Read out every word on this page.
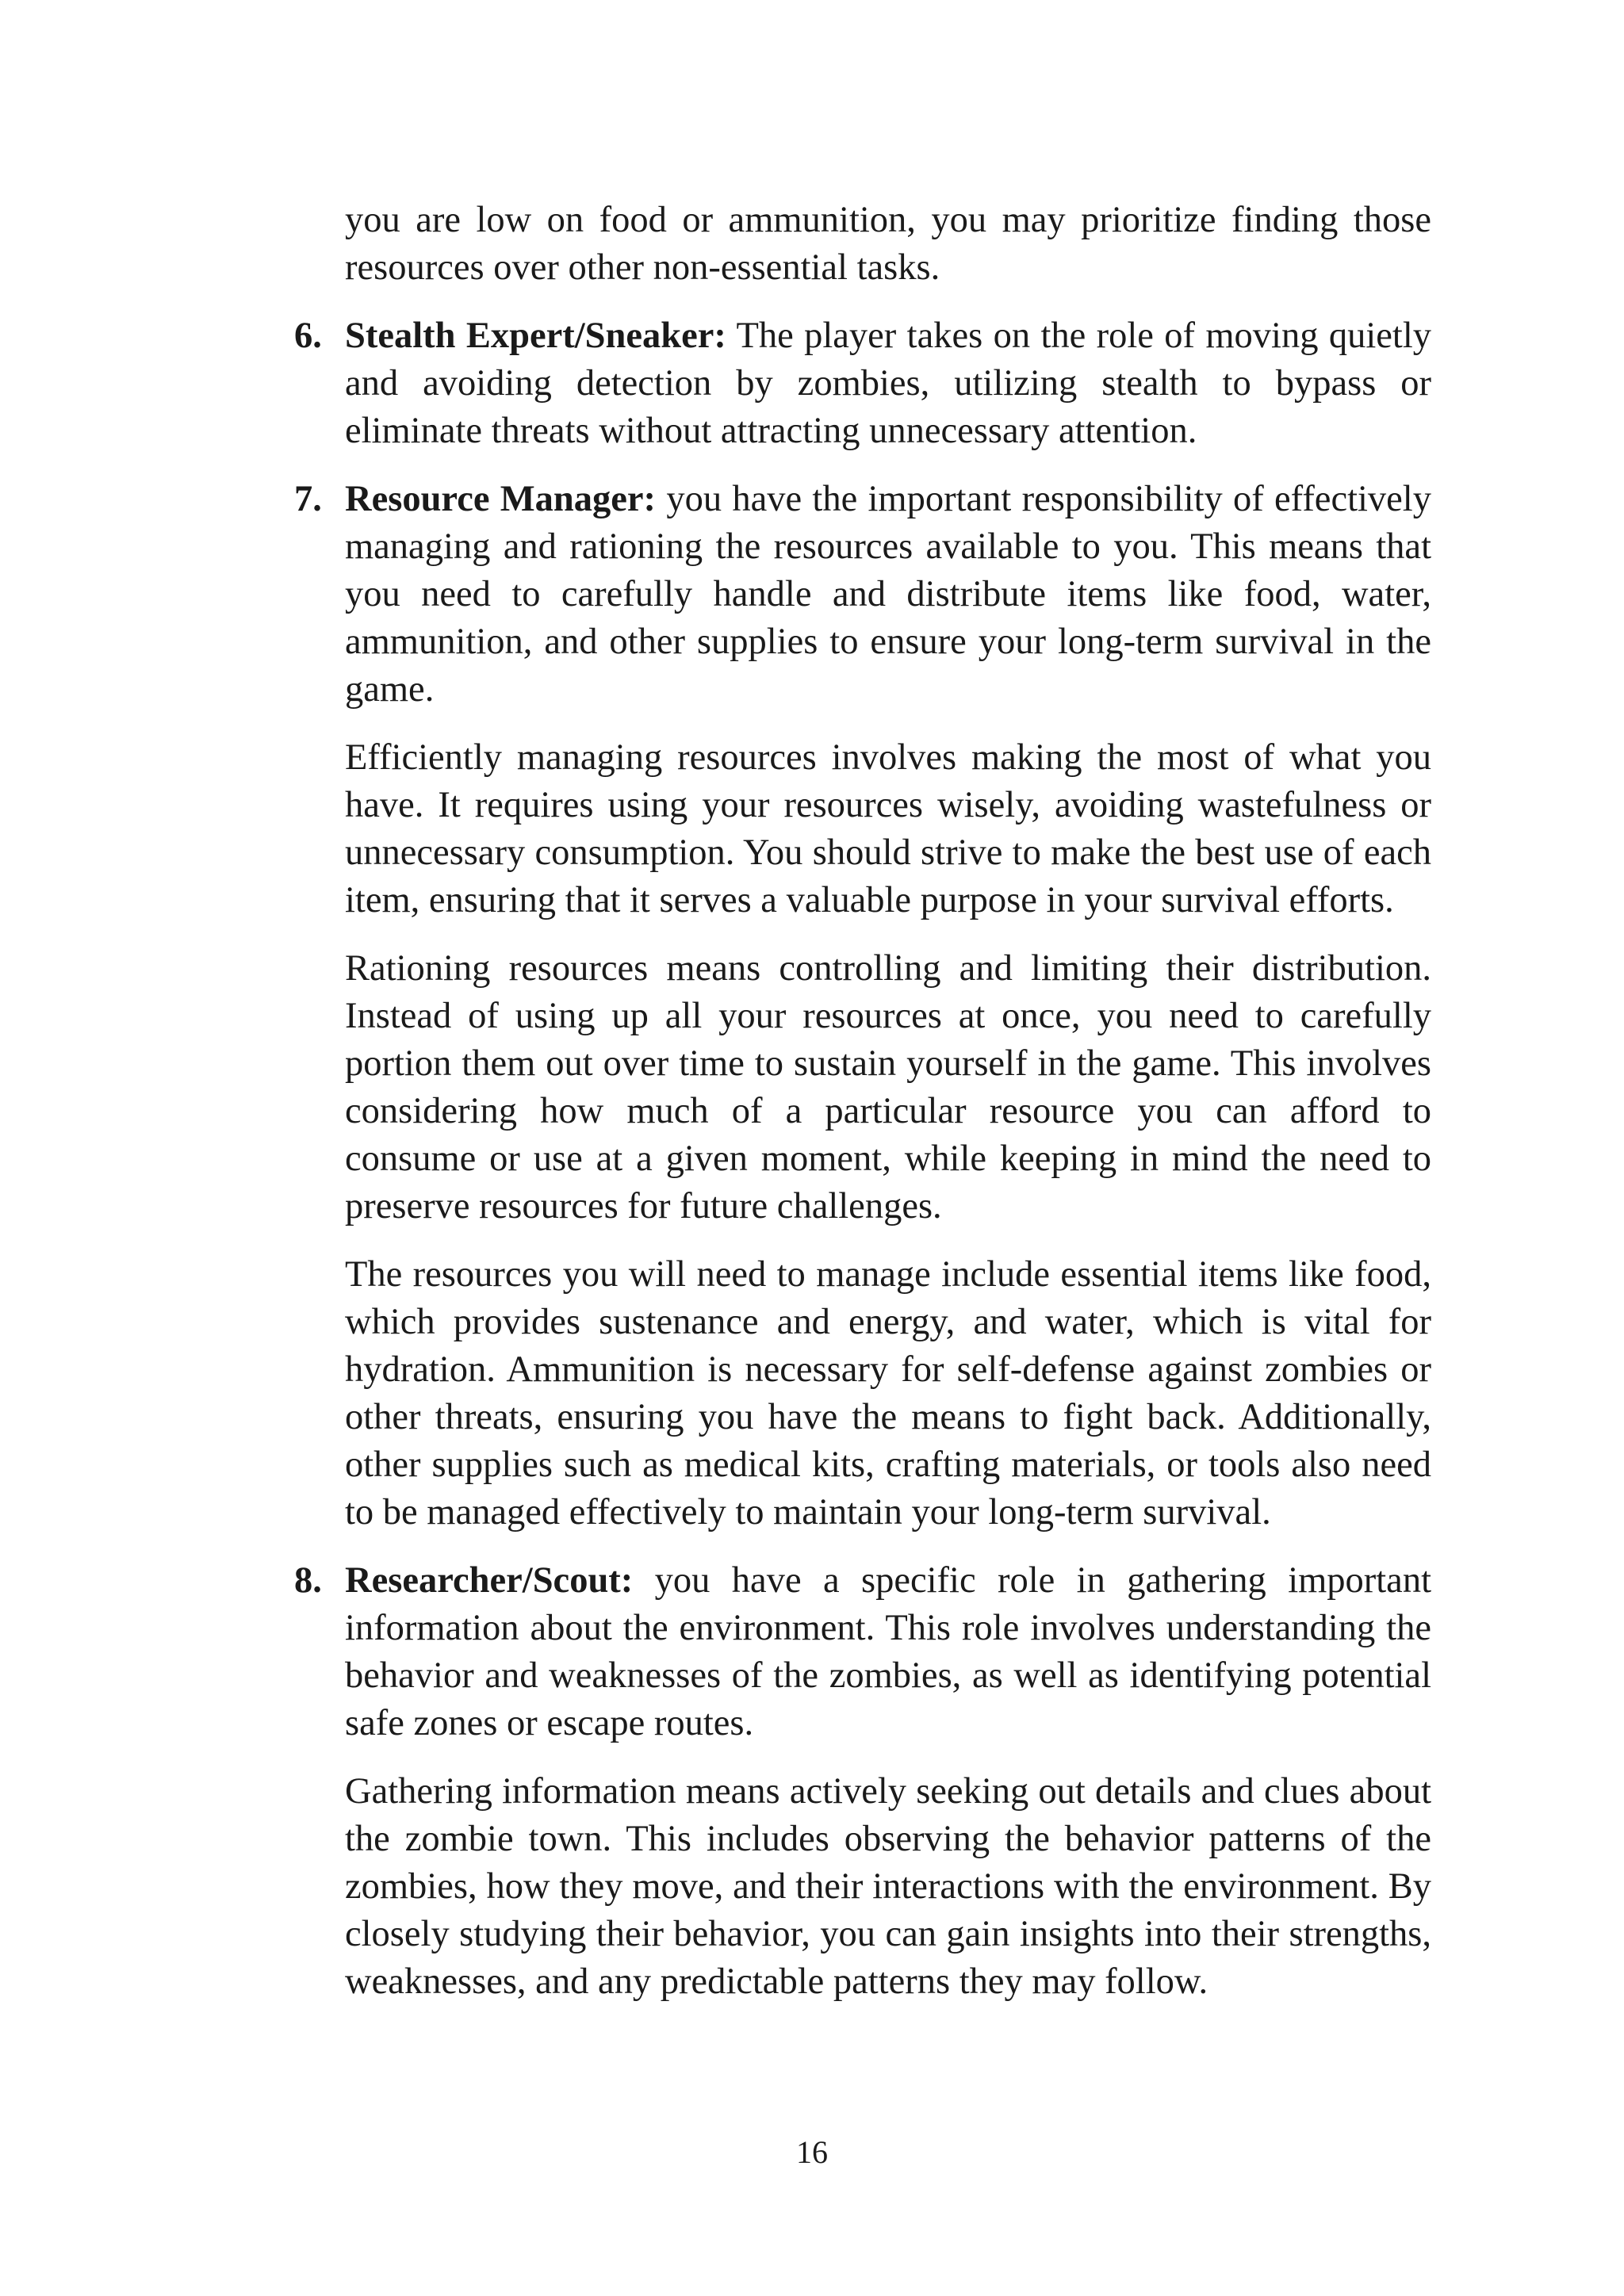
you are low on food or ammunition, you may prioritize finding those resources over other non-essential tasks.

6. Stealth Expert/Sneaker: The player takes on the role of moving quietly and avoiding detection by zombies, utilizing stealth to bypass or eliminate threats without attracting unnecessary attention.

7. Resource Manager: you have the important responsibility of effectively managing and rationing the resources available to you. This means that you need to carefully handle and distribute items like food, water, ammunition, and other supplies to ensure your long-term survival in the game.

Efficiently managing resources involves making the most of what you have. It requires using your resources wisely, avoiding wastefulness or unnecessary consumption. You should strive to make the best use of each item, ensuring that it serves a valuable purpose in your survival efforts.

Rationing resources means controlling and limiting their distribution. Instead of using up all your resources at once, you need to carefully portion them out over time to sustain yourself in the game. This involves considering how much of a particular resource you can afford to consume or use at a given moment, while keeping in mind the need to preserve resources for future challenges.

The resources you will need to manage include essential items like food, which provides sustenance and energy, and water, which is vital for hydration. Ammunition is necessary for self-defense against zombies or other threats, ensuring you have the means to fight back. Additionally, other supplies such as medical kits, crafting materials, or tools also need to be managed effectively to maintain your long-term survival.

8. Researcher/Scout: you have a specific role in gathering important information about the environment. This role involves understanding the behavior and weaknesses of the zombies, as well as identifying potential safe zones or escape routes.

Gathering information means actively seeking out details and clues about the zombie town. This includes observing the behavior patterns of the zombies, how they move, and their interactions with the environment. By closely studying their behavior, you can gain insights into their strengths, weaknesses, and any predictable patterns they may follow.

16
